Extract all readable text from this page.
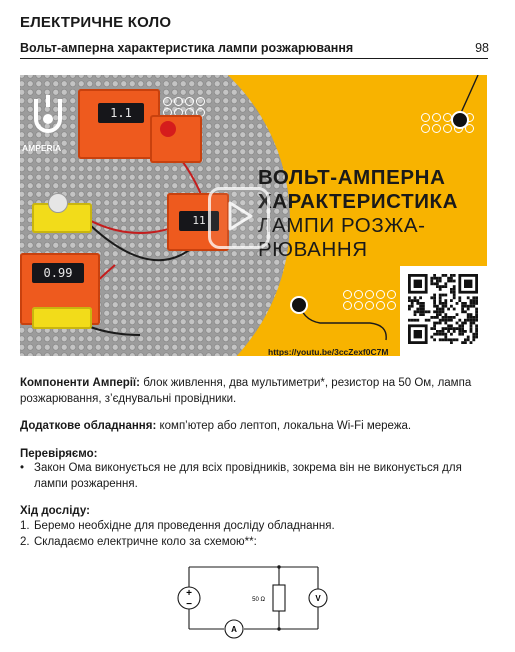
ЕЛЕКТРИЧНЕ КОЛО
Вольт-амперна характеристика лампи розжарювання	98
1.1
11
0.99
AMPERIA
ВОЛЬТ-АМПЕРНА
ХАРАКТЕРИСТИКА
ЛАМПИ РОЗЖА-
РЮВАННЯ
https://youtu.be/3ccZexf0C7M

Компоненти Амперії: блок живлення, два мультиметри*, резистор на 50 Ом, лампа розжарювання, з’єднувальні провідники.

Додаткове обладнання: комп’ютер або лептоп, локальна Wi-Fi мережа.

Перевіряємо:

• Закон Ома виконується не для всіх провідників, зокрема він не виконується для лампи розжарення.

Хід досліду:

1. Беремо необхідне для проведення досліду обладнання.
2. Складаємо електричне коло за схемою**:
+
−	50 Ω	V
A
